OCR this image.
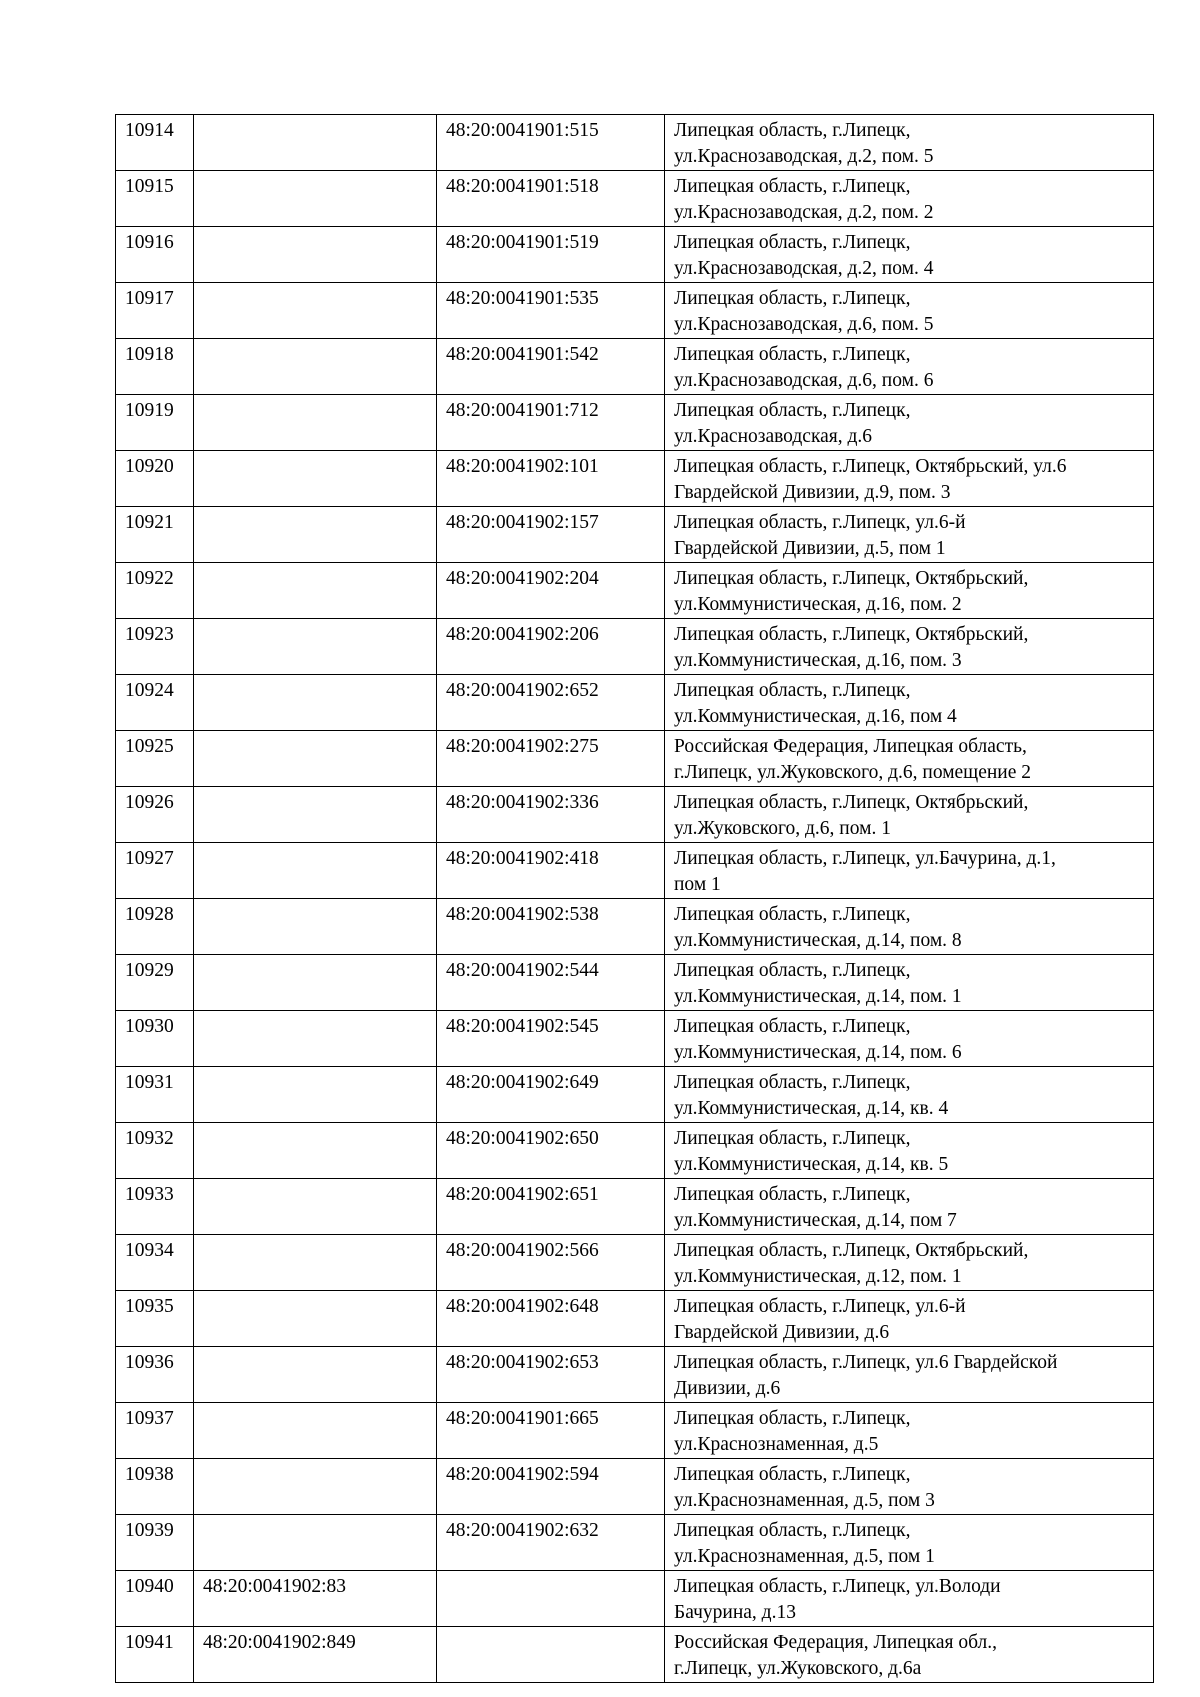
10914		48:20:0041901:515	Липецкая область, г.Липецк,
ул.Краснозаводская, д.2, пом. 5

10915		48:20:0041901:518	Липецкая область, г.Липецк,
ул.Краснозаводская, д.2, пом. 2

10916		48:20:0041901:519	Липецкая область, г.Липецк,
ул.Краснозаводская, д.2, пом. 4

10917		48:20:0041901:535	Липецкая область, г.Липецк,
ул.Краснозаводская, д.6, пом. 5

10918		48:20:0041901:542	Липецкая область, г.Липецк,
ул.Краснозаводская, д.6, пом. 6

10919		48:20:0041901:712	Липецкая область, г.Липецк,
ул.Краснозаводская, д.6

10920		48:20:0041902:101	Липецкая область, г.Липецк, Октябрьский, ул.6
Гвардейской Дивизии, д.9, пом. 3

10921		48:20:0041902:157	Липецкая область, г.Липецк, ул.6-й
Гвардейской Дивизии, д.5, пом 1

10922		48:20:0041902:204	Липецкая область, г.Липецк, Октябрьский,
ул.Коммунистическая, д.16, пом. 2

10923		48:20:0041902:206	Липецкая область, г.Липецк, Октябрьский,
ул.Коммунистическая, д.16, пом. 3

10924		48:20:0041902:652	Липецкая область, г.Липецк,
ул.Коммунистическая, д.16, пом 4

10925		48:20:0041902:275	Российская Федерация, Липецкая область,
г.Липецк, ул.Жуковского, д.6, помещение 2

10926		48:20:0041902:336	Липецкая область, г.Липецк, Октябрьский,
ул.Жуковского, д.6, пом. 1

10927		48:20:0041902:418	Липецкая область, г.Липецк, ул.Бачурина, д.1,
пом 1

10928		48:20:0041902:538	Липецкая область, г.Липецк,
ул.Коммунистическая, д.14, пом. 8

10929		48:20:0041902:544	Липецкая область, г.Липецк,
ул.Коммунистическая, д.14, пом. 1

10930		48:20:0041902:545	Липецкая область, г.Липецк,
ул.Коммунистическая, д.14, пом. 6

10931		48:20:0041902:649	Липецкая область, г.Липецк,
ул.Коммунистическая, д.14, кв. 4

10932		48:20:0041902:650	Липецкая область, г.Липецк,
ул.Коммунистическая, д.14, кв. 5

10933		48:20:0041902:651	Липецкая область, г.Липецк,
ул.Коммунистическая, д.14, пом 7

10934		48:20:0041902:566	Липецкая область, г.Липецк, Октябрьский,
ул.Коммунистическая, д.12, пом. 1

10935		48:20:0041902:648	Липецкая область, г.Липецк, ул.6-й
Гвардейской Дивизии, д.6

10936		48:20:0041902:653	Липецкая область, г.Липецк, ул.6 Гвардейской
Дивизии, д.6

10937		48:20:0041901:665	Липецкая область, г.Липецк,
ул.Краснознаменная, д.5

10938		48:20:0041902:594	Липецкая область, г.Липецк,
ул.Краснознаменная, д.5, пом 3

10939		48:20:0041902:632	Липецкая область, г.Липецк,
ул.Краснознаменная, д.5, пом 1

10940	48:20:0041902:83		Липецкая область, г.Липецк, ул.Володи
Бачурина, д.13

10941	48:20:0041902:849		Российская Федерация, Липецкая обл.,
г.Липецк, ул.Жуковского, д.6а
